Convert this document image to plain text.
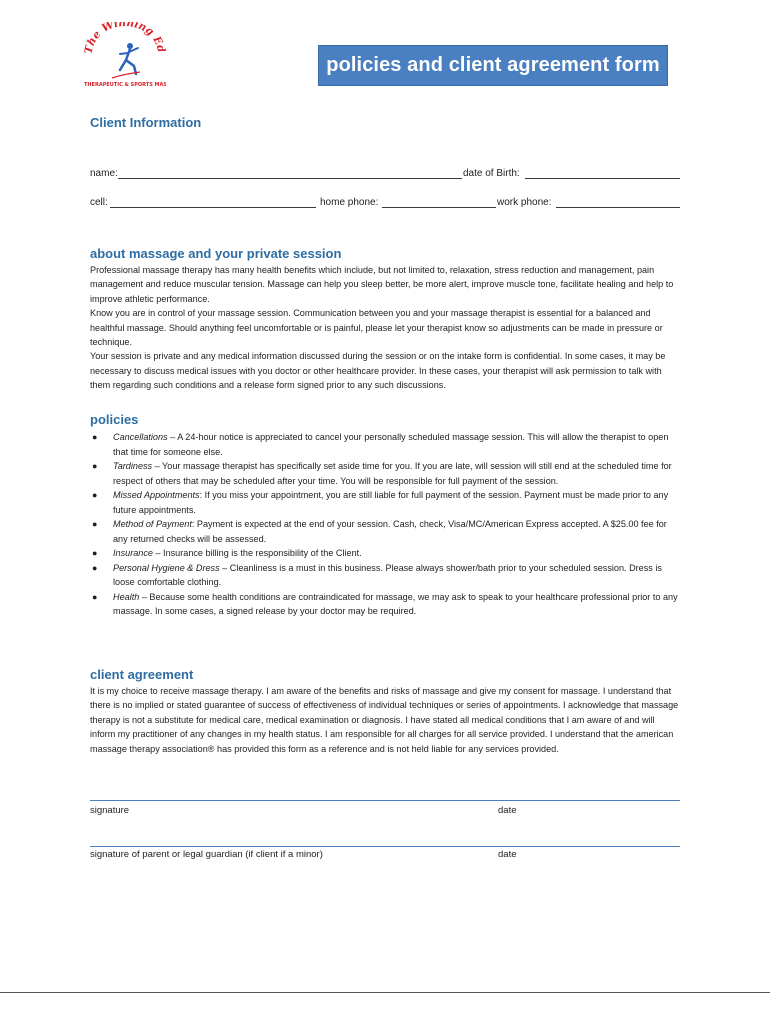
The Winning Ed
THERAPEUTIC & SPORTS MAS
policies and client agreement form
Client Information
name:	date of Birth:
cell:	home phone:	work phone:
about massage and your private session

Professional massage therapy has many health benefits which include, but not limited to, relaxation, stress reduction and management, pain management and reduce muscular tension. Massage can help you sleep better, be more alert, improve muscle tone, facilitate healing and help to improve athletic performance.

Know you are in control of your massage session. Communication between you and your massage therapist is essential for a balanced and healthful massage. Should anything feel uncomfortable or is painful, please let your therapist know so adjustments can be made in pressure or technique.

Your session is private and any medical information discussed during the session or on the intake form is confidential. In some cases, it may be necessary to discuss medical issues with you doctor or other healthcare provider. In these cases, your therapist will ask permission to talk with them regarding such conditions and a release form signed prior to any such discussions.

policies
● Cancellations – A 24-hour notice is appreciated to cancel your personally scheduled massage session. This will allow the therapist to open that time for someone else.
● Tardiness – Your massage therapist has specifically set aside time for you. If you are late, will session will still end at the scheduled time for respect of others that may be scheduled after your time. You will be responsible for full payment of the session.
● Missed Appointments: If you miss your appointment, you are still liable for full payment of the session. Payment must be made prior to any future appointments.
● Method of Payment: Payment is expected at the end of your session. Cash, check, Visa/MC/American Express accepted. A $25.00 fee for any returned checks will be assessed.
● Insurance – Insurance billing is the responsibility of the Client.
● Personal Hygiene & Dress – Cleanliness is a must in this business. Please always shower/bath prior to your scheduled session. Dress is loose comfortable clothing.
● Health – Because some health conditions are contraindicated for massage, we may ask to speak to your healthcare professional prior to any massage. In some cases, a signed release by your doctor may be required.
client agreement
It is my choice to receive massage therapy. I am aware of the benefits and risks of massage and give my consent for massage. I understand that there is no implied or stated guarantee of success of effectiveness of individual techniques or series of appointments. I acknowledge that massage therapy is not a substitute for medical care, medical examination or diagnosis. I have stated all medical conditions that I am aware of and will inform my practitioner of any changes in my health status. I am responsible for all charges for all service provided. I understand that the american massage therapy association® has provided this form as a reference and is not held liable for any services provided.
signature	date
signature of parent or legal guardian (if client if a minor)	date
